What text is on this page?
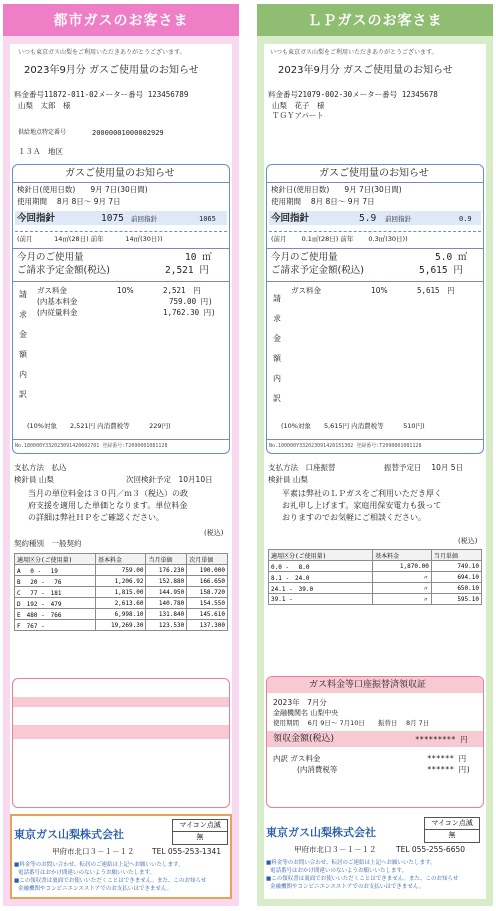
都市ガスのお客さま
いつも東京ガス山梨をご利用いただきありがとうございます。
2023年9月分 ガスご使用量のお知らせ
料金番号11872-011-02メーター番号 123456789
山梨　太郎　様
供給地点特定番号	20000001000002929
１３Ａ　地区
ガスご使用量のお知らせ
検針日(使用日数)　　9月 7日(30日間)
使用期間　 8月 8日～ 9月 7日
今回指針	1075 前回指針	1065
(前月　　　 14㎥(28日) 前年　　　 14㎥(30日))
今月のご使用量	10 ㎥
ご請求予定金額(税込)	2,521 円
請
求
金
額
内
訳
ガス料金	10%	2,521　円
(内基本料金	759.00 円)
(内従量料金	1,762.30 円)
(10%対象　　2,521円 内消費税等　　　229円)
No.180000Y332023091420602701 登録番号:T2090001081128
支払方法　払込
次回検針予定　10月10日
検針員 山梨
当月の単位料金は３０円／ｍ３（税込）の政
府支援を適用した単価となります。単位料金
の詳細は弊社ＨＰをご確認ください。
(税込)
契約種別　一般契約
適用区分(ご使用量)	基本料金	当月単価	次月単価
A　 0 -　 19	759.00	176.230	190.000
B　 20 -　 76	1,206.92	152.880	166.650
C　 77 -　181	1,815.00	144.950	158.720
D　192 -　479	2,613.60	140.780	154.550
E　480 -　766	6,998.10	131.840	145.610
F　767 -	19,269.30	123.530	137.300
東京ガス山梨株式会社
マイコン点滅
無
甲府市北口３－１－１２ TEL 055-253-1341
■料金等のお問い合わせ、転居のご連絡は上記へお願いいたします。
電話番号はおかけ間違いのないようお願いいたします。
■この領収書は裏面でお使いいただくことはできません。また、このお知らせ
金融機関やコンビニエンスストアでのお支払いはできません。
ＬＰガスのお客さま
いつも東京ガス山梨をご利用いただきありがとうございます。
2023年9月分 ガスご使用量のお知らせ
料金番号21079-002-30メーター番号 12345678
山梨　花子　様
ＴＧＹアパート
ガスご使用量のお知らせ
検針日(使用日数)　　9月 7日(30日間)
使用期間　 8月 8日～ 9月 7日
今回指針	5.9 前回指針	0.9
(前月　　 0.1㎥(28日) 前年　　 0.3㎥(30日))
今月のご使用量	5.0 ㎥
ご請求予定金額(税込)	5,615 円
請
求
金
額
内
訳
ガス料金	10%	5,615　円
(10%対象　　5,615円 内消費税等　　　510円)
No.100000Y332023091420151302 登録番号:T2090001081128
支払方法　口座振替	振替予定日　 10月 5日
検針員 山梨
平素は弊社のＬＰガスをご利用いただき厚く
お礼申し上げます。家庭用保安電力も扱って
おりますのでお気軽にご相談ください。
(税込)
適用区分(ご使用量)	基本料金	当月単価
0.0 -　 8.0	1,870.00	749.10
8.1 -　24.0	〃	694.10
24.1 -　39.0	〃	650.10
39.1 -	〃	595.10
ガス料金等口座振替済領収証
2023年　7月分
金融機関名 山梨中央
使用期間　 6月 9日～ 7月10日　　振替日　 8月 7日
領収金額(税込)	********* 円
内訳 ガス料金	****** 円
(内消費税等	****** 円)
東京ガス山梨株式会社
マイコン点滅
無
甲府市北口３－１－１２	TEL 055-255-6650
■料金等のお問い合わせ、転居のご連絡は上記へお願いいたします。
電話番号はおかけ間違いのないようお願いいたします。
■この領収書は裏面でお使いいただくことはできません。また、このお知らせ
金融機関やコンビニエンスストアでのお支払いはできません。
